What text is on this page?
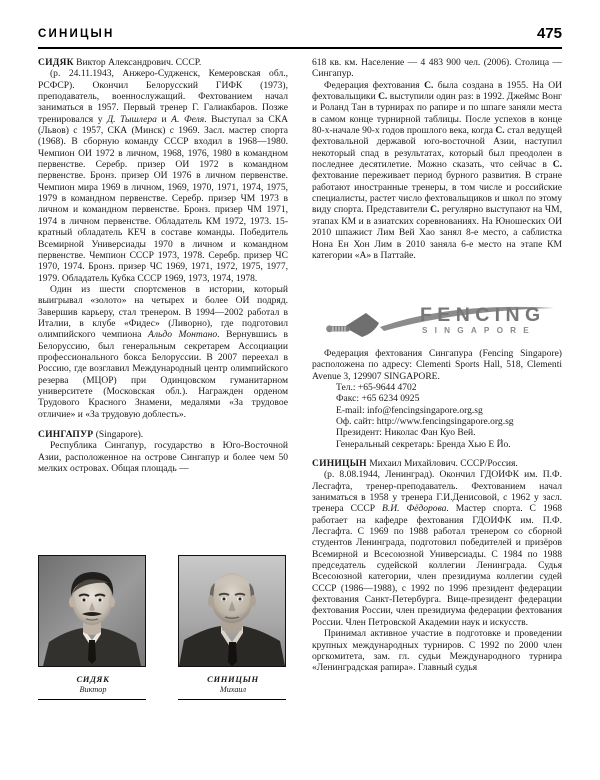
СИНИЦЫН	475

СИДЯК Виктор Александрович. СССР.

(р. 24.11.1943, Анжеро-Судженск, Кемеровская обл., РСФСР). Окончил Белорусский ГИФК (1973), преподаватель, военнослужащий. Фехтованием начал заниматься в 1957. Первый тренер Г. Галиакбаров. Позже тренировался у Д. Тышлера и А. Феля. Выступал за СКА (Львов) с 1957, СКА (Минск) с 1969. Засл. мастер спорта (1968). В сборную команду СССР входил в 1968—1980. Чемпион ОИ 1972 в личном, 1968, 1976, 1980 в командном первенстве. Серебр. призер ОИ 1972 в командном первенстве. Бронз. призер ОИ 1976 в личном первенстве. Чемпион мира 1969 в личном, 1969, 1970, 1971, 1974, 1975, 1979 в командном первенстве. Серебр. призер ЧМ 1973 в личном и командном первенстве. Бронз. призер ЧМ 1971, 1974 в личном первенстве. Обладатель КМ 1972, 1973. 15-кратный обладатель КЕЧ в составе команды. Победитель Всемирной Универсиады 1970 в личном и командном первенстве. Чемпион СССР 1973, 1978. Серебр. призер ЧС 1970, 1974. Бронз. призер ЧС 1969, 1971, 1972, 1975, 1977, 1979. Обладатель Кубка СССР 1969, 1973, 1974, 1978.

Один из шести спортсменов в истории, который выигрывал «золото» на четырех и более ОИ подряд. Завершив карьеру, стал тренером. В 1994—2002 работал в Италии, в клубе «Фидес» (Ливорно), где подготовил олимпийского чемпиона Альдо Монтано. Вернувшись в Белоруссию, был генеральным секретарем Ассоциации профессионального бокса Белоруссии. В 2007 переехал в Россию, где возглавил Международный центр олимпийского резерва (МЦОР) при Одинцовском гуманитарном университете (Московская обл.). Награжден орденом Трудового Красного Знамени, медалями «За трудовое отличие» и «За трудовую доблесть».

СИНГАПУР (Singapore).

Республика Сингапур, государство в Юго-Восточной Азии, расположенное на острове Сингапур и более чем 50 мелких островах. Общая площадь —

СИДЯК
Виктор
СИНИЦЫН
Михаил

618 кв. км. Население — 4 483 900 чел. (2006). Столица — Сингапур.

Федерация фехтования С. была создана в 1955. На ОИ фехтовальщики С. выступили один раз: в 1992. Джеймс Вонг и Роланд Тан в турнирах по рапире и по шпаге заняли места в самом конце турнирной таблицы. После успехов в конце 80-х-начале 90-х годов прошлого века, когда С. стал ведущей фехтовальной державой юго-восточной Азии, наступил некоторый спад в результатах, который был преодолен в последнее десятилетие. Можно сказать, что сейчас в С. фехтование переживает период бурного развития. В стране работают иностранные тренеры, в том числе и российские специалисты, растет число фехтовальщиков и школ по этому виду спорта. Представители С. регулярно выступают на ЧМ, этапах КМ и в азиатских соревнованиях. На Юношеских ОИ 2010 шпажист Лим Вей Хао занял 8-е место, а саблистка Нона Ен Хон Лим в 2010 заняла 6-е место на этапе КМ категории «А» в Паттайе.

FENCING
SINGAPORE

Федерация фехтования Сингапура (Fencing Singapore) расположена по адресу: Clementi Sports Hall, 518, Clementi Avenue 3, 129907 SINGAPORE.

Тел.: +65-9644 4702

Факс: +65 6234 0925

E-mail: info@fencingsingapore.org.sg

Оф. сайт: http://www.fencingsingapore.org.sg

Президент: Николас Фан Куо Вей.

Генеральный секретарь: Бренда Хью Е Йо.

СИНИЦЫН Михаил Михайлович. СССР/Россия.

(р. 8.08.1944, Ленинград). Окончил ГДОИФК им. П.Ф. Лесгафта, тренер-преподаватель. Фехтованием начал заниматься в 1958 у тренера Г.И.Денисовой, с 1962 у засл. тренера СССР В.И. Фёдорова. Мастер спорта. С 1968 работает на кафедре фехтования ГДОИФК им. П.Ф. Лесгафта. С 1969 по 1988 работал тренером со сборной студентов Ленинграда, подготовил победителей и призёров Всемирной и Всесоюзной Универсиады. С 1984 по 1988 председатель судейской коллегии Ленинграда. Судья Всесоюзной категории, член президиума коллегии судей СССР (1986—1988), с 1992 по 1996 президент федерации фехтования Санкт-Петербурга. Вице-президент федерации фехтования России, член президиума федерации фехтования России. Член Петровской Академии наук и искусств.

Принимал активное участие в подготовке и проведении крупных международных турниров. С 1992 по 2000 член оргкомитета, зам. гл. судьи Международного турнира «Ленинградская рапира». Главный судья
